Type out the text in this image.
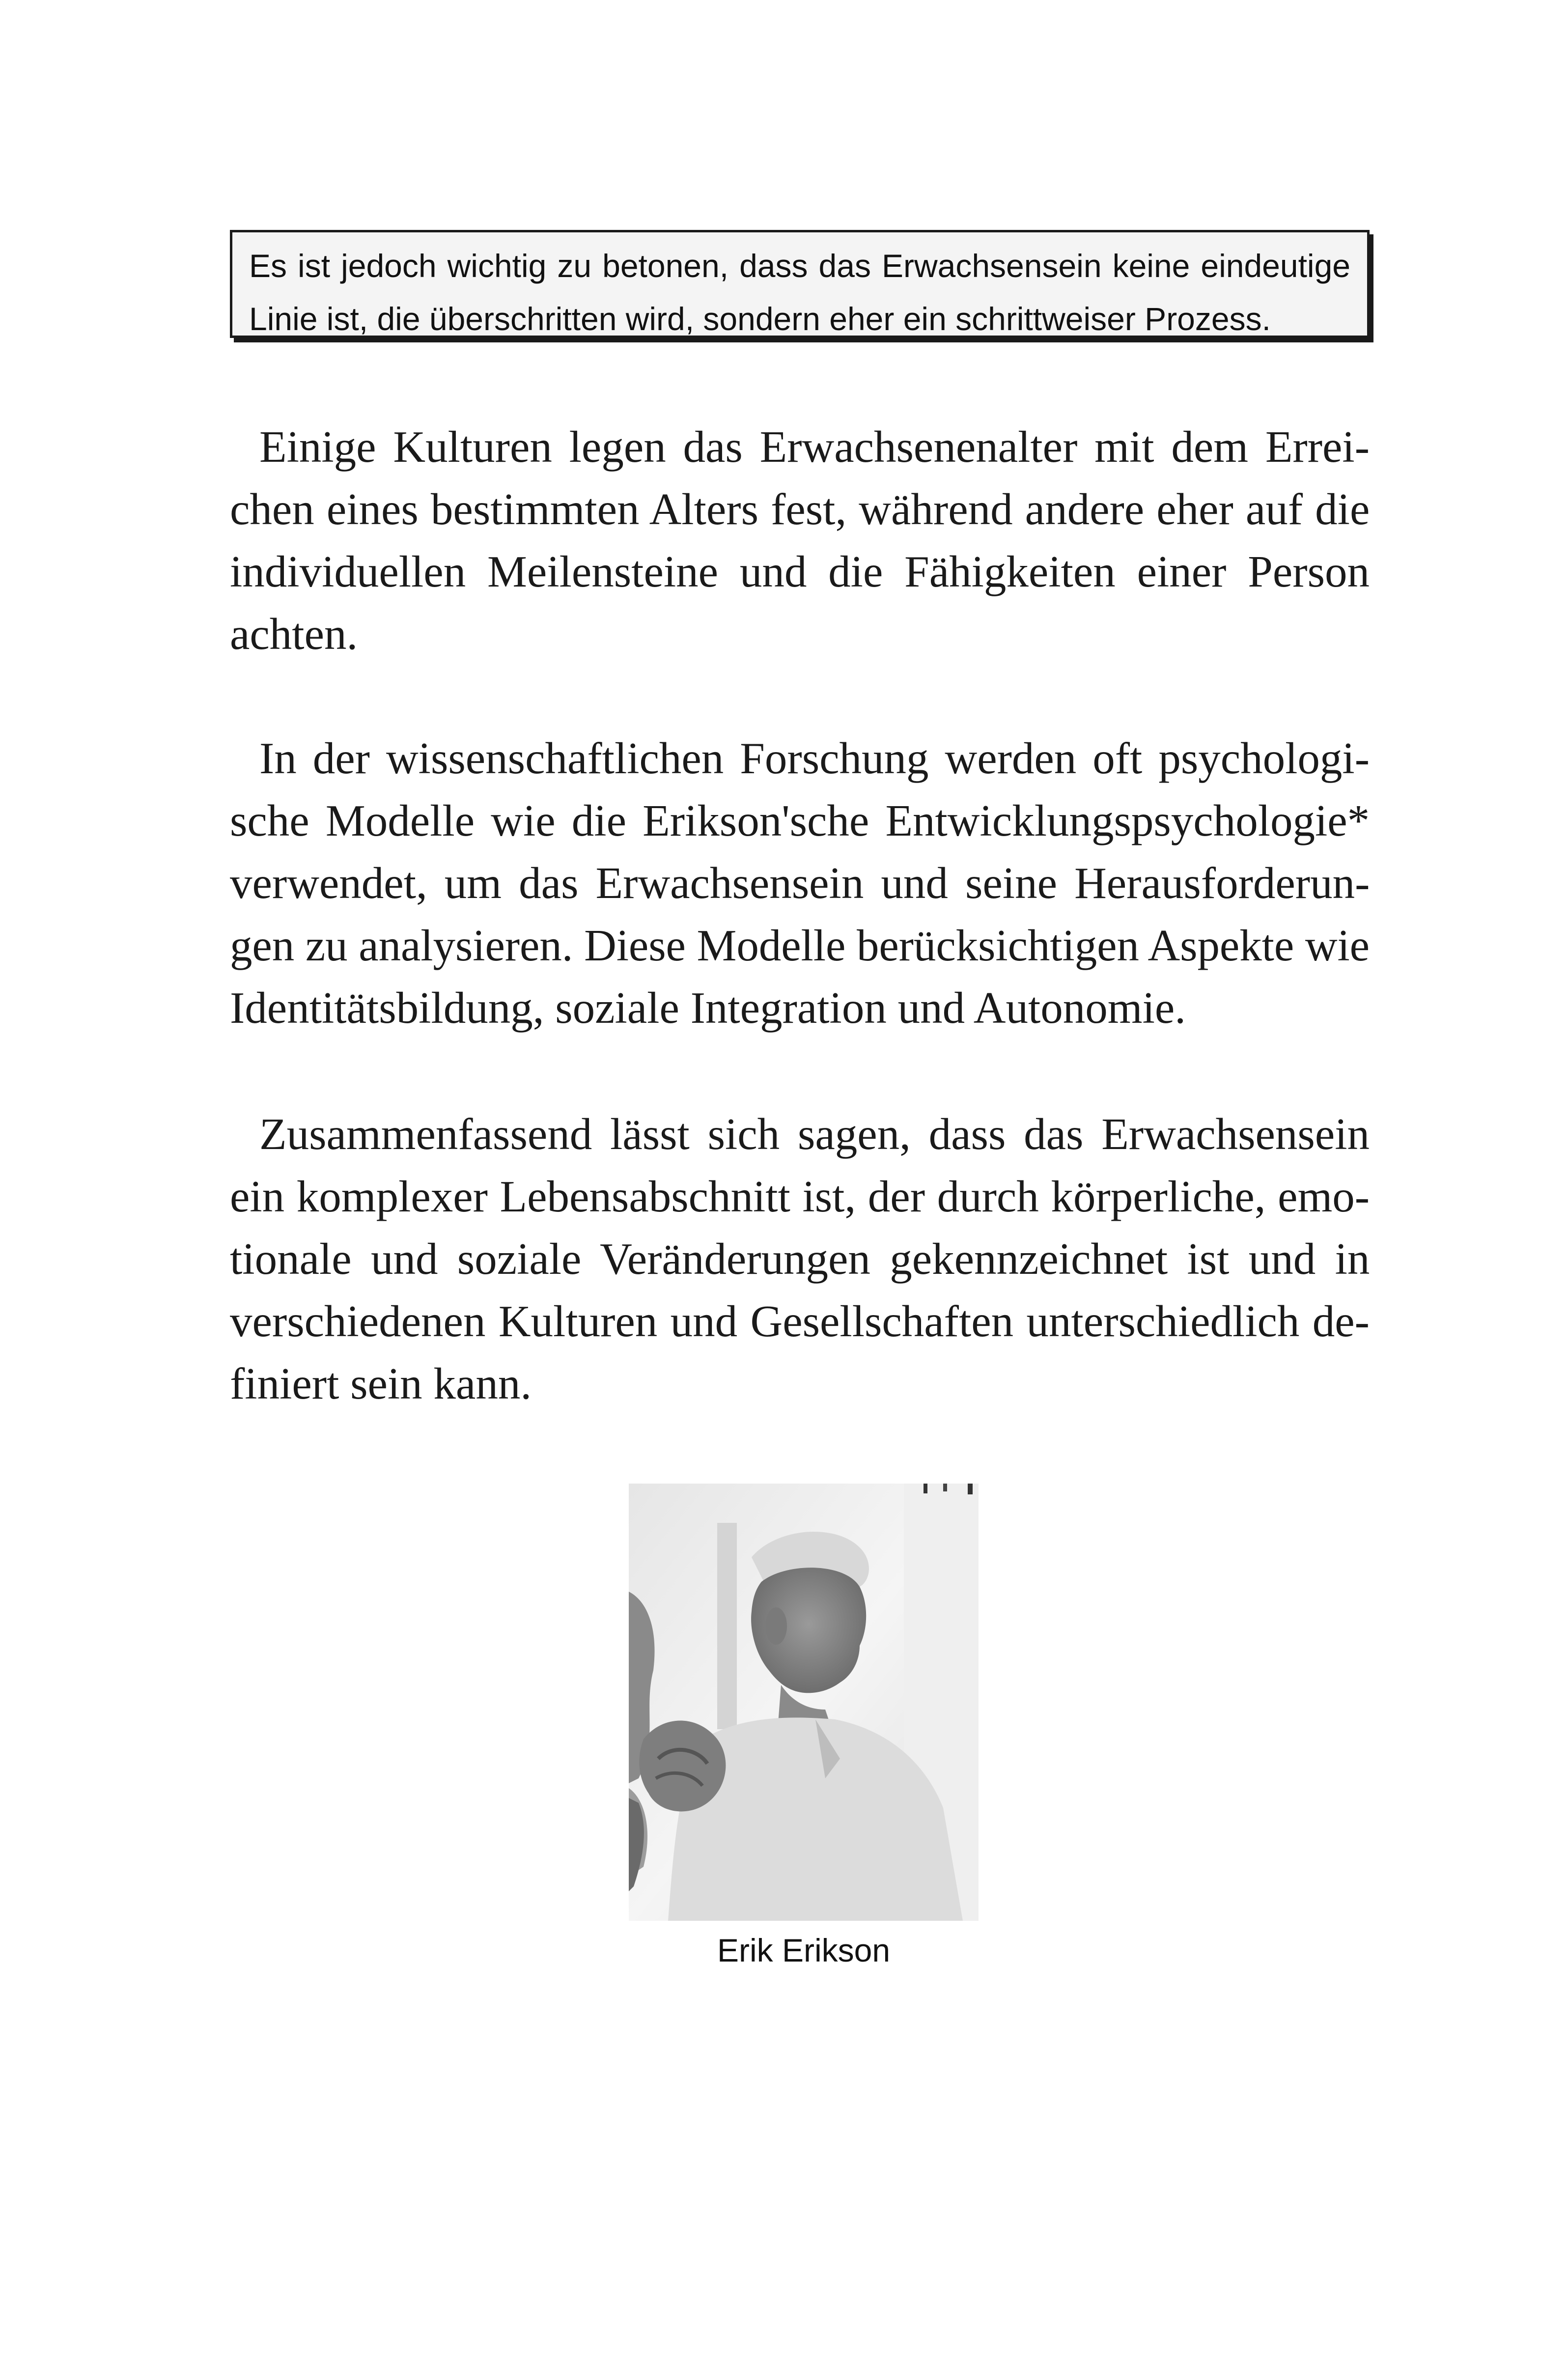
Es ist jedoch wichtig zu betonen, dass das Erwachsensein keine eindeutige
Linie ist, die überschritten wird, sondern eher ein schrittweiser Prozess.
Einige Kulturen legen das Erwachsenenalter mit dem Errei-
chen eines bestimmten Alters fest, während andere eher auf die
individuellen Meilensteine und die Fähigkeiten einer Person
achten.
In der wissenschaftlichen Forschung werden oft psychologi-
sche Modelle wie die Erikson'sche Entwicklungspsychologie*
verwendet, um das Erwachsensein und seine Herausforderun-
gen zu analysieren. Diese Modelle berücksichtigen Aspekte wie
Identitätsbildung, soziale Integration und Autonomie.
Zusammenfassend lässt sich sagen, dass das Erwachsensein
ein komplexer Lebensabschnitt ist, der durch körperliche, emo-
tionale und soziale Veränderungen gekennzeichnet ist und in
verschiedenen Kulturen und Gesellschaften unterschiedlich de-
finiert sein kann.
Erik Erikson
